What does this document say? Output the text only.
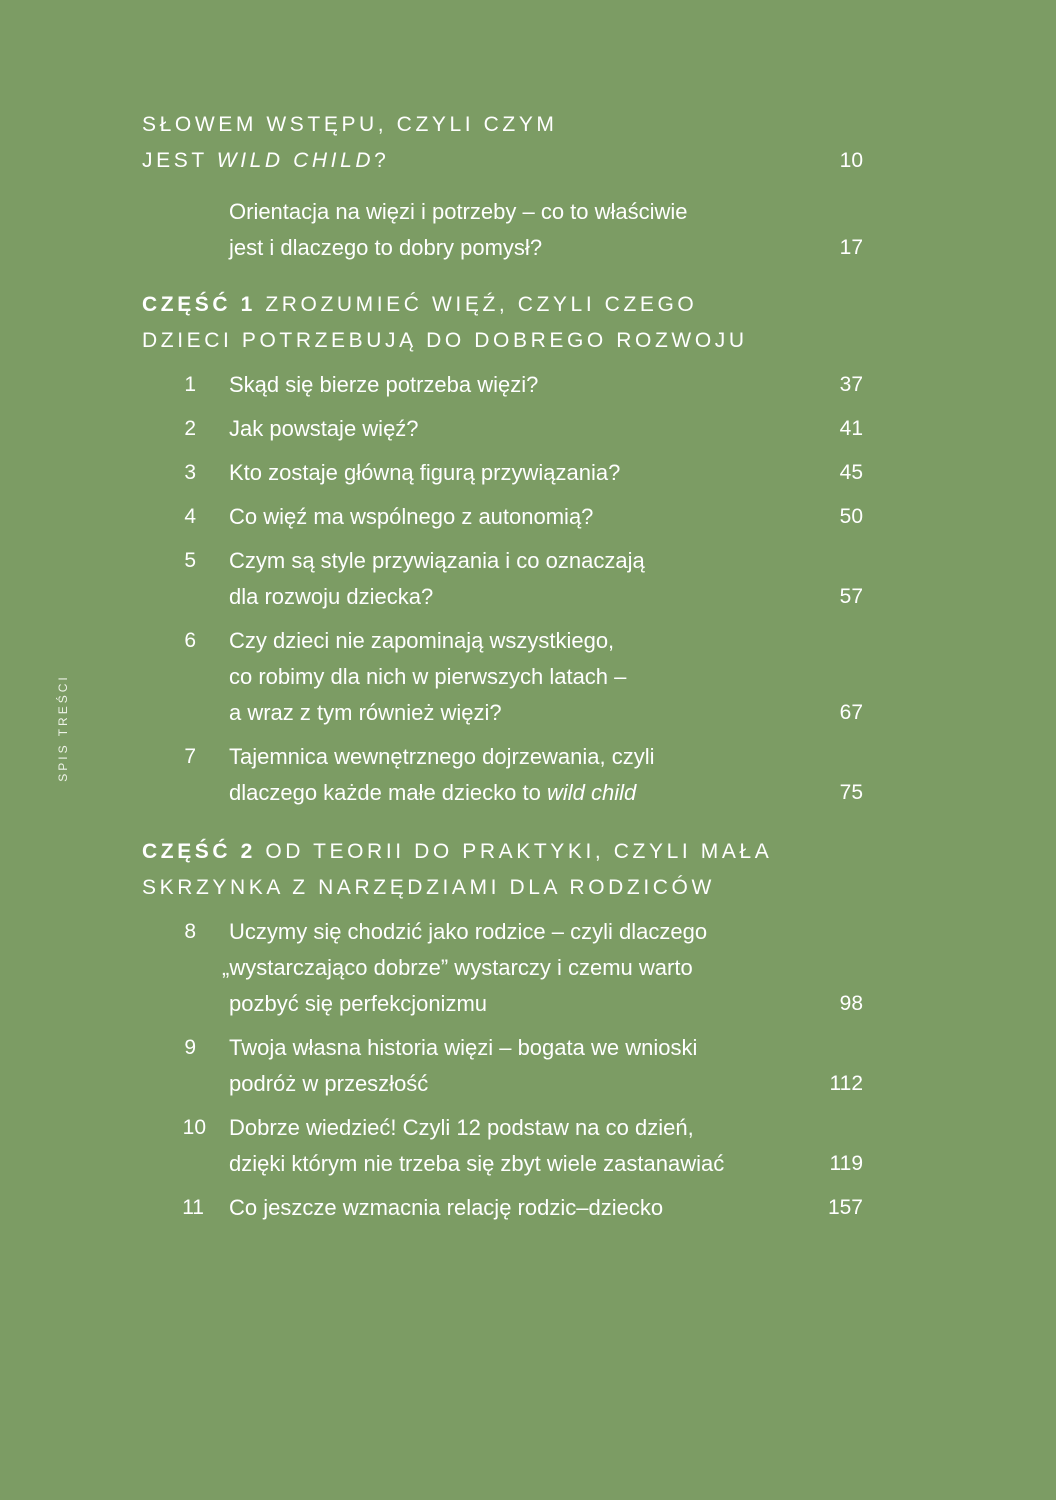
SPIS TREŚCI
SŁOWEM WSTĘPU, CZYLI CZYM
JEST WILD CHILD?	10
Orientacja na więzi i potrzeby – co to właściwie
jest i dlaczego to dobry pomysł?	17
CZĘŚĆ 1 ZROZUMIEĆ WIĘŹ, CZYLI CZEGO
DZIECI POTRZEBUJĄ DO DOBREGO ROZWOJU
1 Skąd się bierze potrzeba więzi?	37
2 Jak powstaje więź?	41
3 Kto zostaje główną figurą przywiązania?	45
4 Co więź ma wspólnego z autonomią?	50
5 Czym są style przywiązania i co oznaczają
dla rozwoju dziecka?	57
6 Czy dzieci nie zapominają wszystkiego,
co robimy dla nich w pierwszych latach –
a wraz z tym również więzi?	67
7 Tajemnica wewnętrznego dojrzewania, czyli
dlaczego każde małe dziecko to wild child	75
CZĘŚĆ 2 OD TEORII DO PRAKTYKI, CZYLI MAŁA
SKRZYNKA Z NARZĘDZIAMI DLA RODZICÓW
8 Uczymy się chodzić jako rodzice – czyli dlaczego
„wystarczająco dobrze” wystarczy i czemu warto
pozbyć się perfekcjonizmu	98
9 Twoja własna historia więzi – bogata we wnioski
podróż w przeszłość	112
10 Dobrze wiedzieć! Czyli 12 podstaw na co dzień,
dzięki którym nie trzeba się zbyt wiele zastanawiać	119
11 Co jeszcze wzmacnia relację rodzic–dziecko	157
